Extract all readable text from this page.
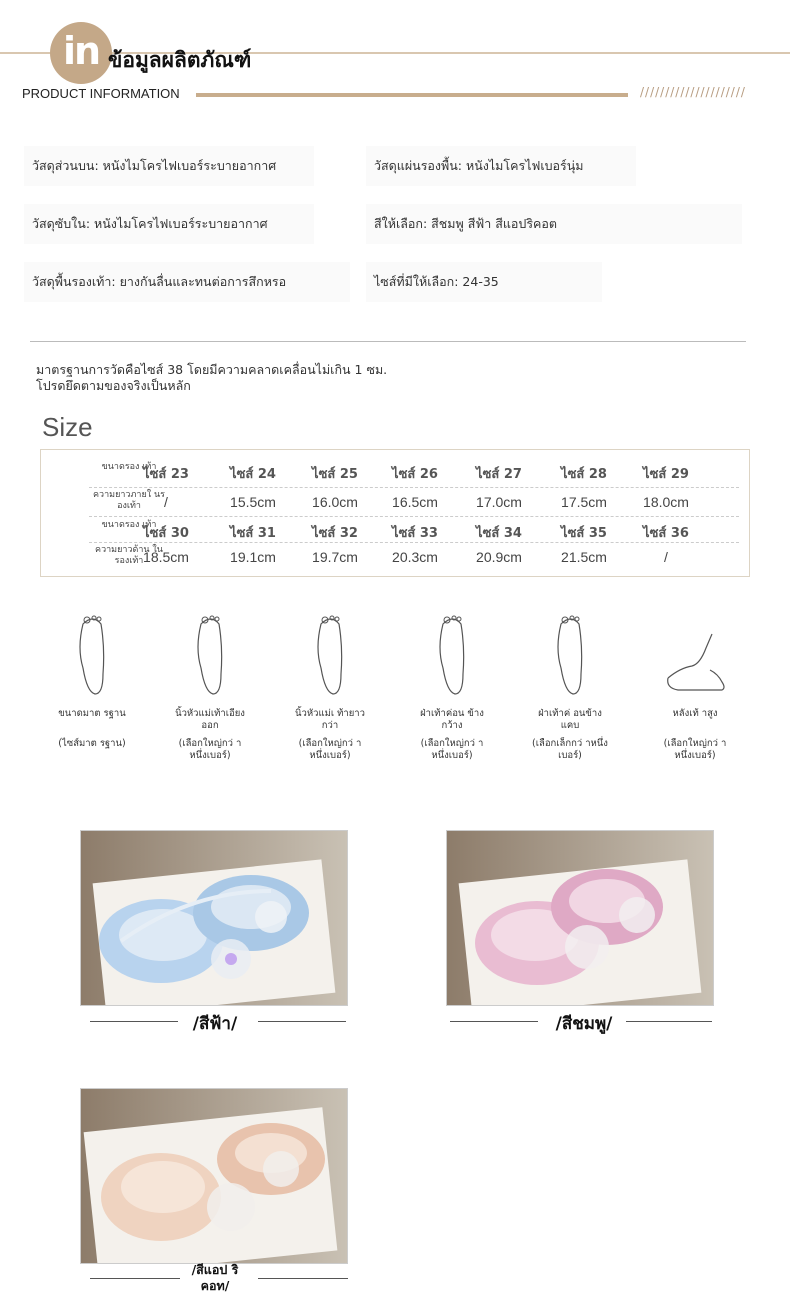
in ข้อมูลผลิตภัณฑ์
PRODUCT INFORMATION	/////////////////////
วัสดุส่วนบน: หนังไมโครไฟเบอร์ระบายอากาศ	วัสดุแผ่นรองพื้น: หนังไมโครไฟเบอร์นุ่ม
วัสดุซับใน: หนังไมโครไฟเบอร์ระบายอากาศ	สีให้เลือก: สีชมพู สีฟ้า สีแอปริคอต
วัสดุพื้นรองเท้า: ยางกันลื่นและทนต่อการสึกหรอ	ไซส์ที่มีให้เลือก: 24-35
มาตรฐานการวัดคือไซส์ 38 โดยมีความคลาดเคลื่อนไม่เกิน 1 ซม.
โปรดยึดตามของจริงเป็นหลัก
Size
ขนาดรอง เท้า
ความยาวภายใ นรองเท้า
ขนาดรอง เท้า
ความยาวด้าน ในรองเท้า
ไซส์ 23	ไซส์ 24	ไซส์ 25	ไซส์ 26	ไซส์ 27	ไซส์ 28	ไซส์ 29
/	15.5cm	16.0cm	16.5cm	17.0cm	17.5cm	18.0cm
ไซส์ 30	ไซส์ 31	ไซส์ 32	ไซส์ 33	ไซส์ 34	ไซส์ 35	ไซส์ 36
18.5cm	19.1cm	19.7cm	20.3cm	20.9cm	21.5cm	/
ขนาดมาต รฐาน
(ไซส์มาต รฐาน)
นิ้วหัวแม่เท้าเอียงออก
(เลือกใหญ่กว่ าหนึ่งเบอร์)
นิ้วหัวแม่เ ท้ายาวกว่า
(เลือกใหญ่กว่ าหนึ่งเบอร์)
ฝ่าเท้าค่อน ข้างกว้าง
(เลือกใหญ่กว่ าหนึ่งเบอร์)
ฝ่าเท้าค่ อนข้างแคบ
(เลือกเล็กกว่ าหนึ่งเบอร์)
หลังเท้ าสูง
(เลือกใหญ่กว่ าหนึ่งเบอร์)
/สีฟ้า/	/สีชมพู/
/สีแอป ริคอท/
